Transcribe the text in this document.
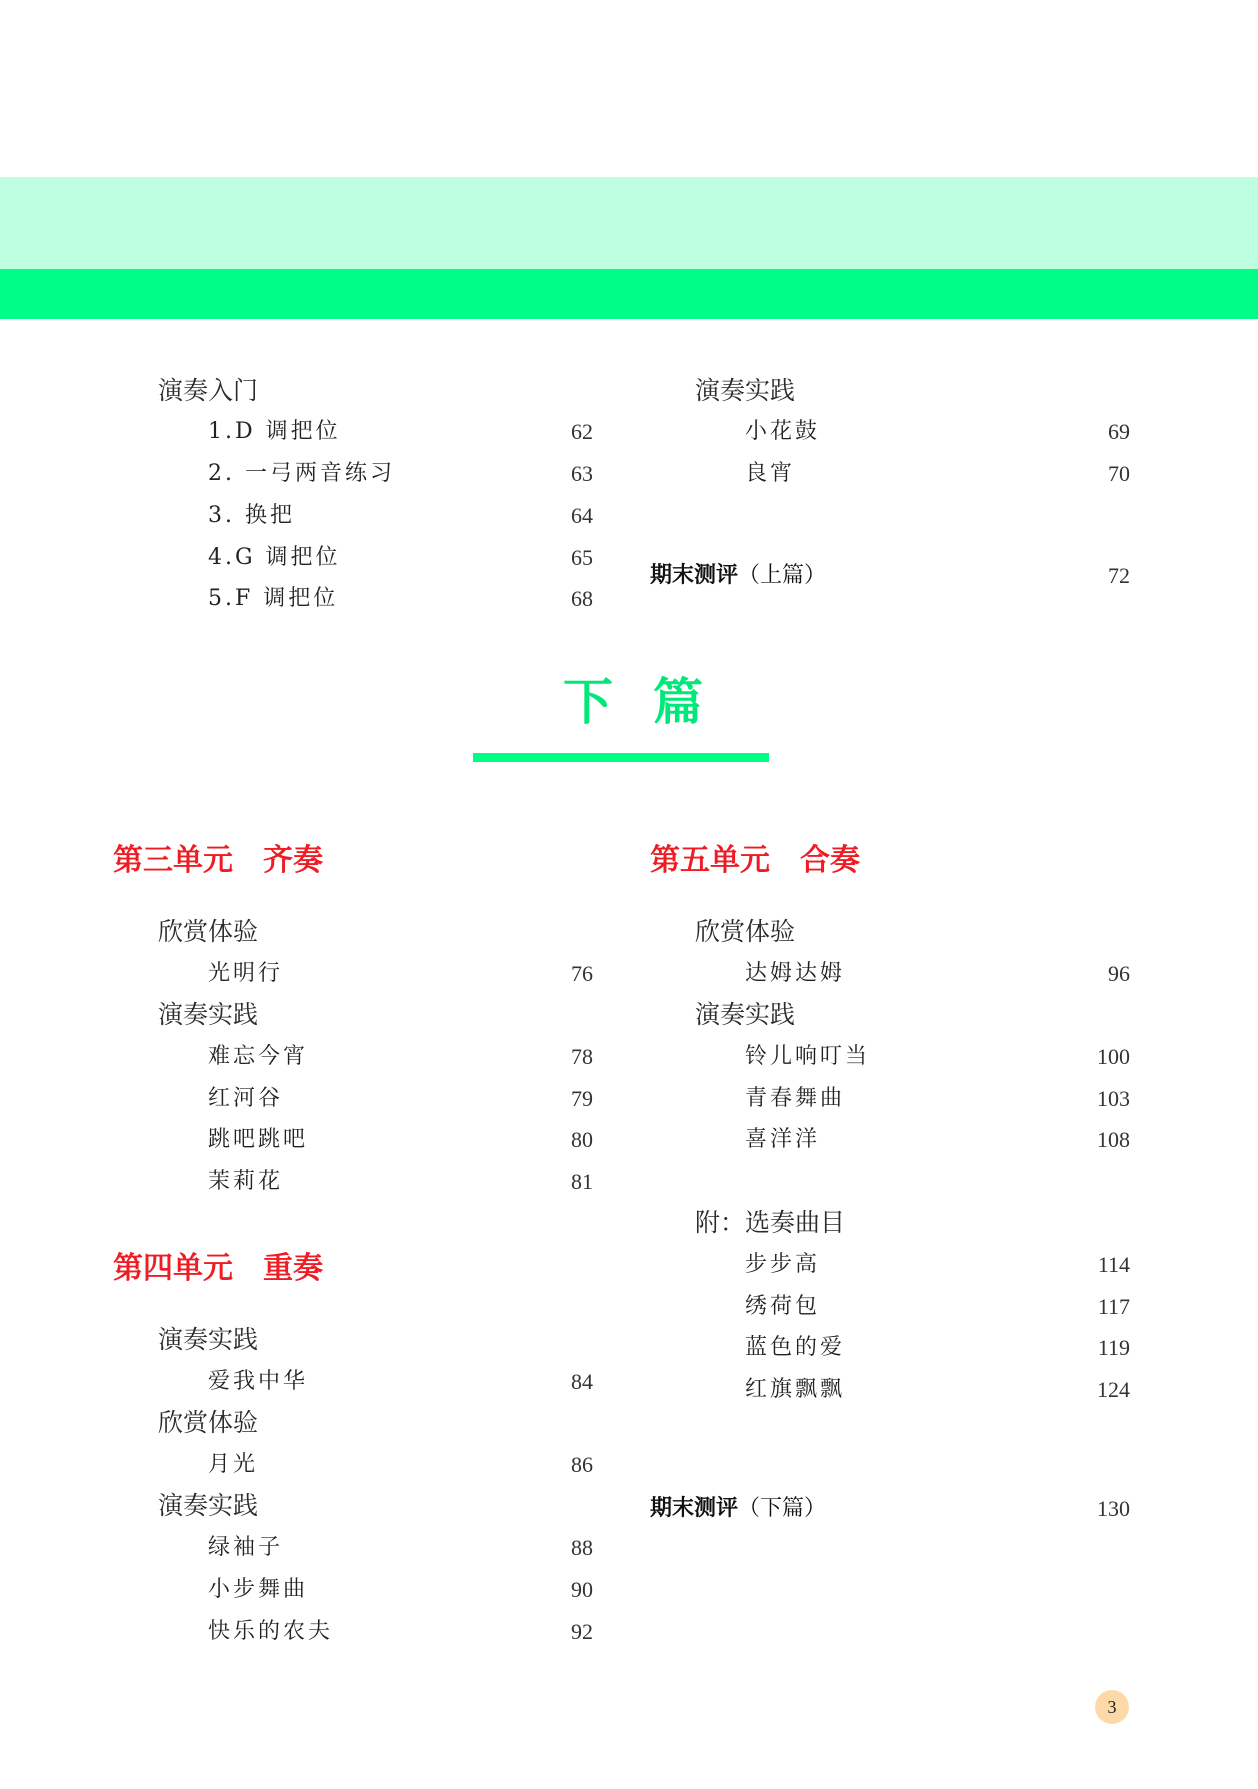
演奏入门
1.D 调把位	62
2. 一弓两音练习	63
3. 换把	64
4.G 调把位	65
5.F 调把位	68
演奏实践
小花鼓	69
良宵	70
期末测评（上篇）	72
下篇
第三单元　齐奏
欣赏体验
光明行	76
演奏实践
难忘今宵	78
红河谷	79
跳吧跳吧	80
茉莉花	81
第四单元　重奏
演奏实践
爱我中华	84
欣赏体验
月光	86
演奏实践
绿袖子	88
小步舞曲	90
快乐的农夫	92
第五单元　合奏
欣赏体验
达姆达姆	96
演奏实践
铃儿响叮当	100
青春舞曲	103
喜洋洋	108
附：选奏曲目
步步高	114
绣荷包	117
蓝色的爱	119
红旗飘飘	124
期末测评（下篇）	130
3
